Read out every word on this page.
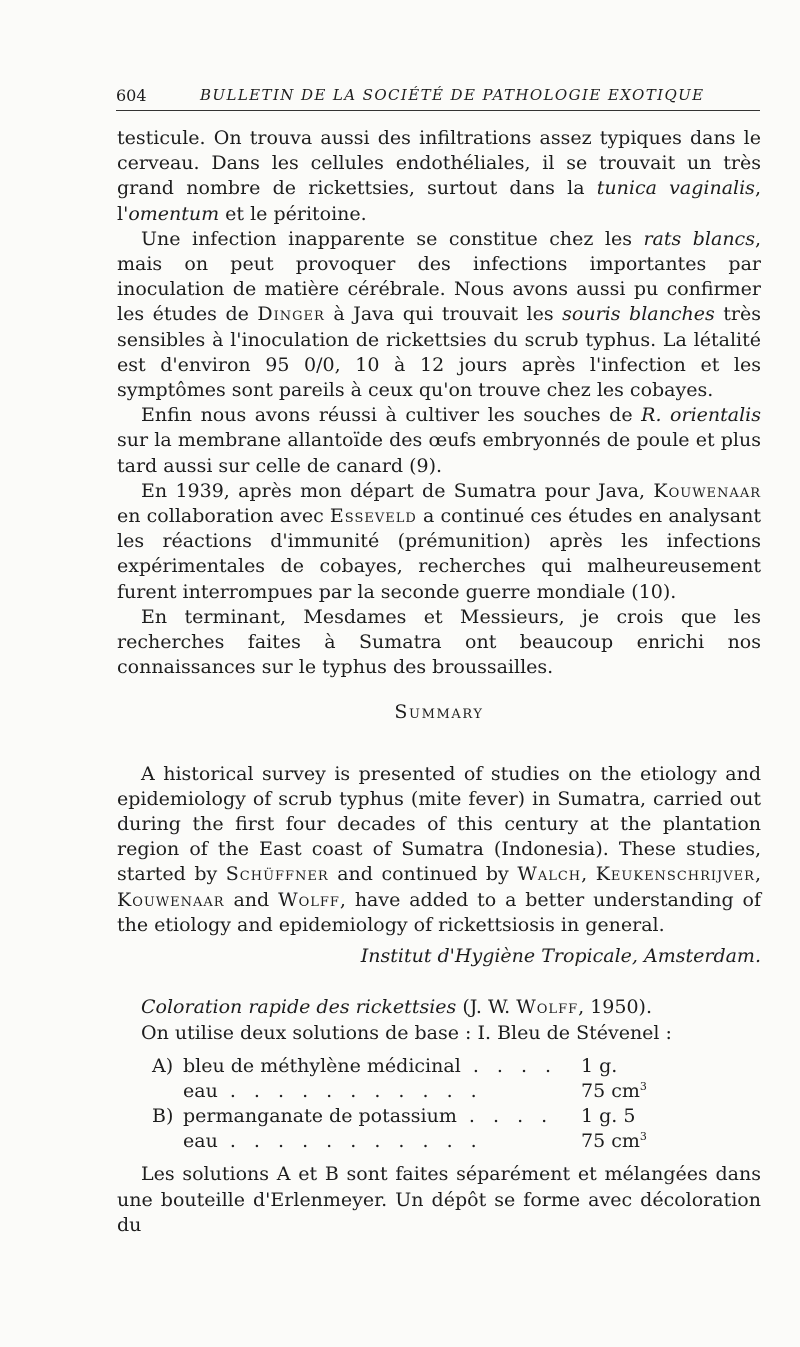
604	BULLETIN DE LA SOCIÉTÉ DE PATHOLOGIE EXOTIQUE

testicule. On trouva aussi des infiltrations assez typiques dans le cerveau. Dans les cellules endothéliales, il se trouvait un très grand nombre de rickettsies, surtout dans la tunica vaginalis, l'omentum et le péritoine.

Une infection inapparente se constitue chez les rats blancs, mais on peut provoquer des infections importantes par inoculation de matière cérébrale. Nous avons aussi pu confirmer les études de Dinger à Java qui trouvait les souris blanches très sensibles à l'inoculation de rickettsies du scrub typhus. La létalité est d'environ 95 0/0, 10 à 12 jours après l'infection et les symptômes sont pareils à ceux qu'on trouve chez les cobayes.

Enfin nous avons réussi à cultiver les souches de R. orientalis sur la membrane allantoïde des œufs embryonnés de poule et plus tard aussi sur celle de canard (9).

En 1939, après mon départ de Sumatra pour Java, Kouwenaar en collaboration avec Esseveld a continué ces études en analysant les réactions d'immunité (prémunition) après les infections expérimentales de cobayes, recherches qui malheureusement furent interrompues par la seconde guerre mondiale (10).

En terminant, Mesdames et Messieurs, je crois que les recherches faites à Sumatra ont beaucoup enrichi nos connaissances sur le typhus des broussailles.

Summary

A historical survey is presented of studies on the etiology and epidemiology of scrub typhus (mite fever) in Sumatra, carried out during the first four decades of this century at the plantation region of the East coast of Sumatra (Indonesia). These studies, started by Schüffner and continued by Walch, Keukenschrijver, Kouwenaar and Wolff, have added to a better understanding of the etiology and epidemiology of rickettsiosis in general.

Institut d'Hygiène Tropicale, Amsterdam.

Coloration rapide des rickettsies (J. W. Wolff, 1950).

On utilise deux solutions de base : I. Bleu de Stévenel :

A) bleu de méthylène médicinal . . . .	1 g.
eau . . . . . . . . . . .	75 $cm^3$
B) permanganate de potassium . . . .	1 g. 5
eau . . . . . . . . . . .	75 $cm^3$

Les solutions A et B sont faites séparément et mélangées dans une bouteille d'Erlenmeyer. Un dépôt se forme avec décoloration du
